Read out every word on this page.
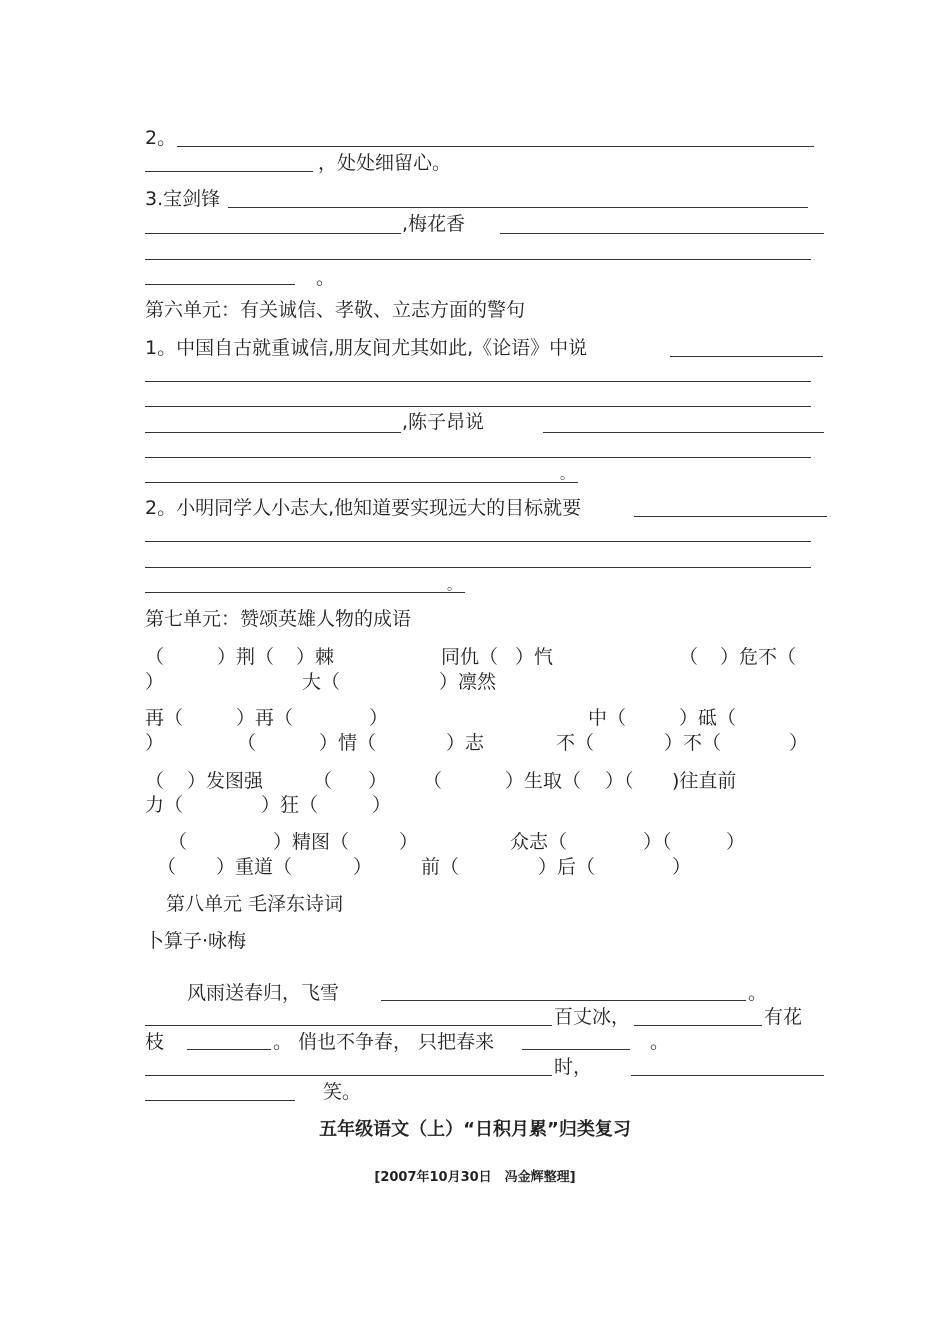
2。
，处处细留心。
3.宝剑锋
,梅花香
。
第六单元：有关诚信、孝敬、立志方面的警句
1。中国自古就重诚信,朋友间尤其如此,《论语》中说
,陈子昂说
。
2。小明同学人小志大,他知道要实现远大的目标就要
。
第七单元：赞颂英雄人物的成语
（	）荆（ ）棘	同仇（ ）忾	（ ）危不（
）	大（	）凛然
再（	）再（	）	中（	）砥（
）	（	）情（	）志	不（	）不（	）
（ ）发图强	（ ） （	）生取（ ）（ )往直前
力（	）狂（	）
（	）精图（	）	众志（	）（	）
（ ）重道（	）	前（	）后（	）
第八单元 毛泽东诗词
卜算子·咏梅
风雨送春归，飞雪	。
百丈冰，	有花
枝	。 俏也不争春， 只把春来	。
时，
笑。
五年级语文（上）“日积月累”归类复习
[2007年10月30日　冯金辉整理]
